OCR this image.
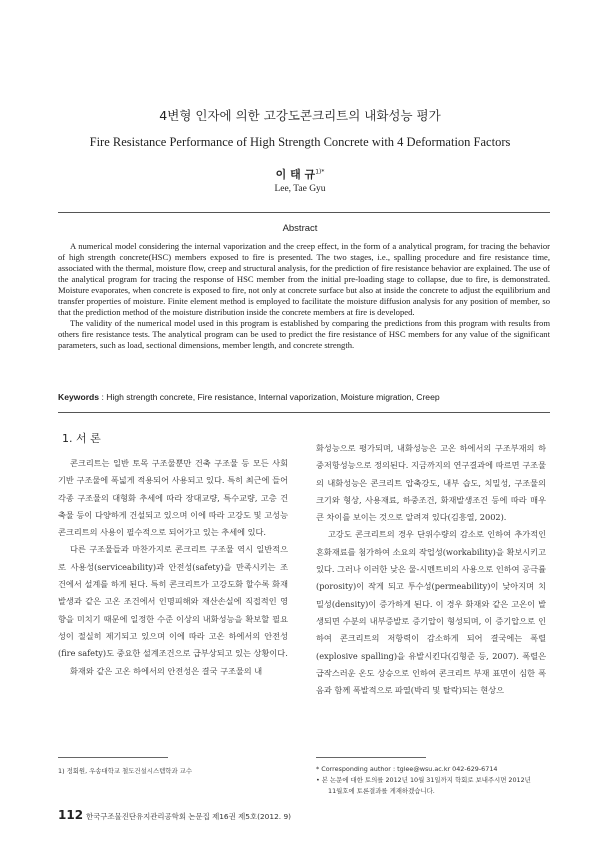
4변형 인자에 의한 고강도콘크리트의 내화성능 평가
Fire Resistance Performance of High Strength Concrete with 4 Deformation Factors
이 태 규$^{1)*}$
Lee, Tae Gyu
Abstract

A numerical model considering the internal vaporization and the creep effect, in the form of a analytical program, for tracing the behavior of high strength concrete(HSC) members exposed to fire is presented. The two stages, i.e., spalling procedure and fire resistance time, associated with the thermal, moisture flow, creep and structural analysis, for the prediction of fire resistance behavior are explained. The use of the analytical program for tracing the response of HSC member from the initial pre-loading stage to collapse, due to fire, is demonstrated. Moisture evaporates, when concrete is exposed to fire, not only at concrete surface but also at inside the concrete to adjust the equilibrium and transfer properties of moisture. Finite element method is employed to facilitate the moisture diffusion analysis for any position of member, so that the prediction method of the moisture distribution inside the concrete members at fire is developed.

The validity of the numerical model used in this program is established by comparing the predictions from this program with results from others fire resistance tests. The analytical program can be used to predict the fire resistance of HSC members for any value of the significant parameters, such as load, sectional dimensions, member length, and concrete strength.

Keywords : High strength concrete, Fire resistance, Internal vaporization, Moisture migration, Creep
1. 서 론

콘크리트는 일반 토목 구조물뿐만 건축 구조물 등 모든 사회기반 구조물에 폭넓게 적용되어 사용되고 있다. 특히 최근에 들어 각종 구조물의 대형화 추세에 따라 장대교량, 특수교량, 고층 건축물 등이 다양하게 건설되고 있으며 이에 따라 고강도 및 고성능 콘크리트의 사용이 필수적으로 되어가고 있는 추세에 있다.

다른 구조물들과 마찬가지로 콘크리트 구조물 역시 일반적으로 사용성(serviceability)과 안전성(safety)을 만족시키는 조건에서 설계를 하게 된다. 특히 콘크리트가 고강도화 할수록 화재 발생과 같은 고온 조건에서 인명피해와 재산손실에 직접적인 영향을 미치기 때문에 일정한 수준 이상의 내화성능을 확보할 필요성이 절실히 제기되고 있으며 이에 따라 고온 하에서의 안전성(fire safety)도 중요한 설계조건으로 급부상되고 있는 상황이다.

화재와 같은 고온 하에서의 안전성은 결국 구조물의 내

화성능으로 평가되며, 내화성능은 고온 하에서의 구조부재의 하중저항성능으로 정의된다. 지금까지의 연구결과에 따르면 구조물의 내화성능은 콘크리트 압축강도, 내부 습도, 치밀성, 구조물의 크기와 형상, 사용재료, 하중조건, 화재발생조건 등에 따라 매우 큰 차이를 보이는 것으로 알려져 있다(김흥열, 2002).

고강도 콘크리트의 경우 단위수량의 감소로 인하여 추가적인 혼화재료를 첨가하여 소요의 작업성(workability)을 확보시키고 있다. 그러나 이러한 낮은 물-시멘트비의 사용으로 인하여 공극률(porosity)이 작게 되고 투수성(permeability)이 낮아지며 치밀성(density)이 증가하게 된다. 이 경우 화재와 같은 고온이 발생되면 수분의 내부증발로 증기압이 형성되며, 이 증기압으로 인하여 콘크리트의 저항력이 감소하게 되어 결국에는 폭렬(explosive spalling)을 유발시킨다(김형준 등, 2007). 폭렬은 급작스러운 온도 상승으로 인하여 콘크리트 부재 표면이 심한 폭음과 함께 폭발적으로 파열(박리 및 탈락)되는 현상으

1) 정회원, 우송대학교 철도건설시스템학과 교수	* Corresponding author : tglee@wsu.ac.kr 042-629-6714

• 본 논문에 대한 토의를 2012년 10월 31일까지 학회로 보내주시면 2012년

11월호에 토론결과를 게재하겠습니다.

112 한국구조물진단유지관리공학회 논문집 제16권 제5호(2012. 9)
